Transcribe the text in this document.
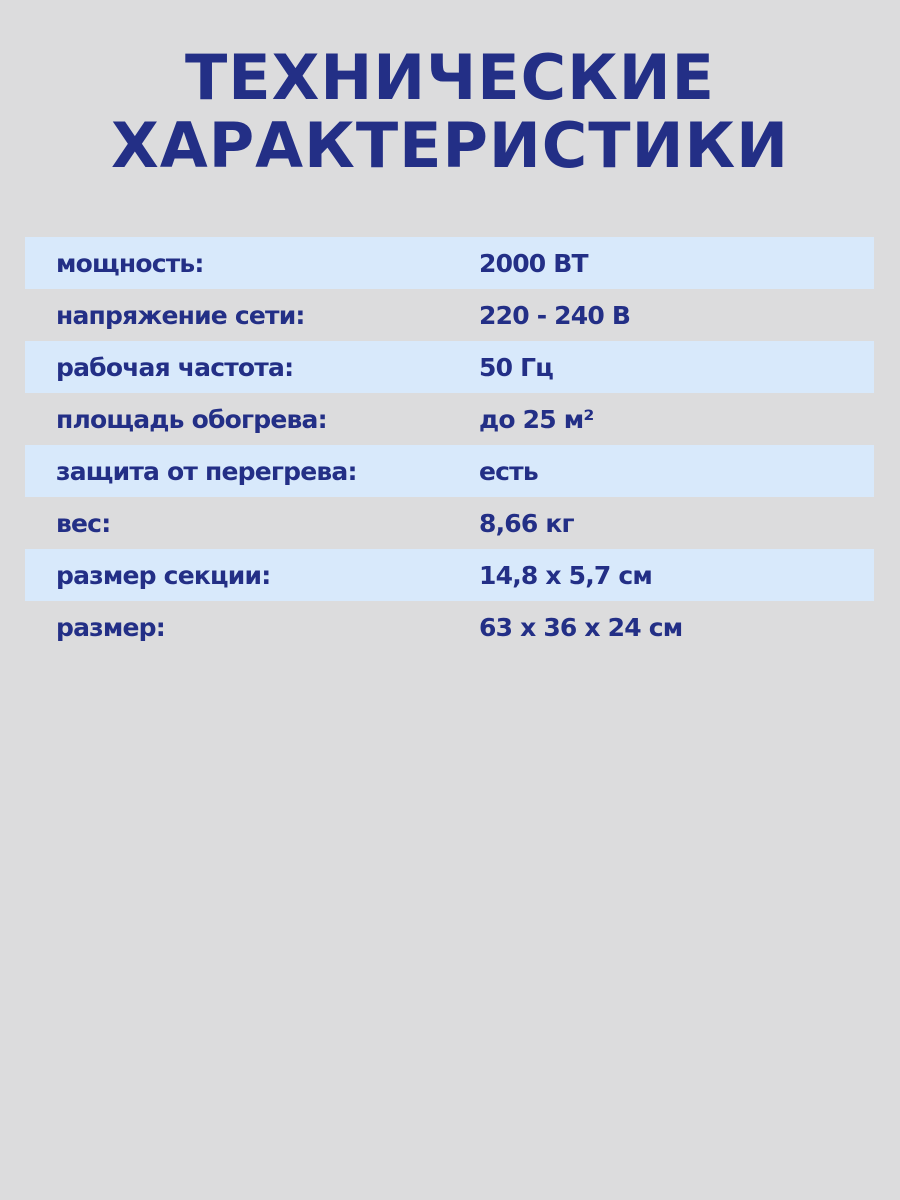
ТЕХНИЧЕСКИЕ
ХАРАКТЕРИСТИКИ
мощность:	2000 ВТ
напряжение сети:	220 - 240 В
рабочая частота:	50 Гц
площадь обогрева:	до 25 м²
защита от перегрева:	есть
вес:	8,66 кг
размер секции:	14,8 х 5,7 см
размер:	63 х 36 х 24 см
